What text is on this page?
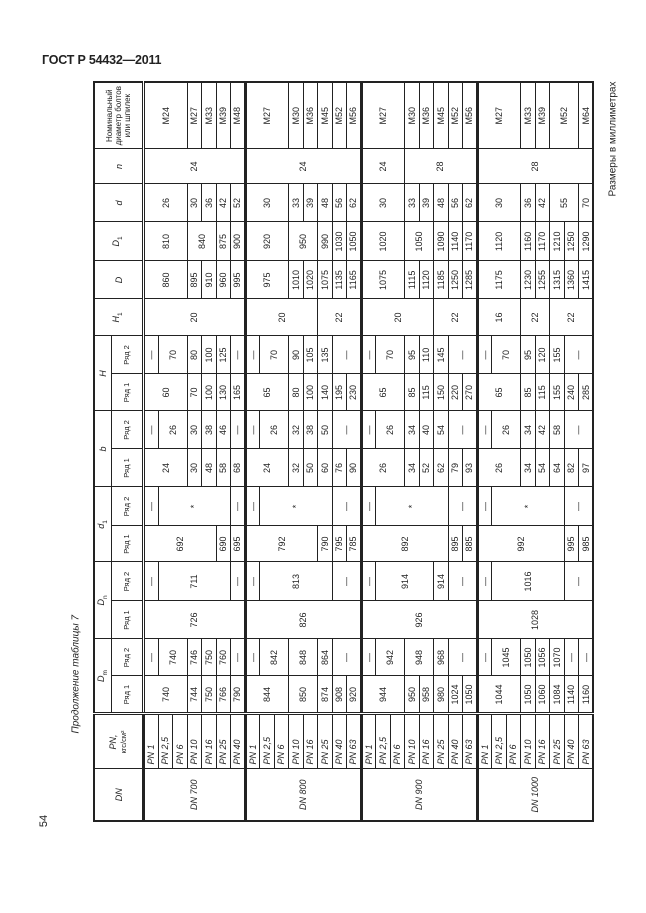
ГОСТ Р 54432—2011
54
Продолжение таблицы 7
Размеры в миллиметрах
DN	PN,
кгс/см²	$D_m$		$D_n$		$d_1$		b		H		$H_1$	D	$D_1$	d	n	Номинальный диаметр болтов или шпилек
		Ряд 1	Ряд 2	Ряд 1	Ряд 2	Ряд 1	Ряд 2	Ряд 1	Ряд 2	Ряд 1	Ряд 2						
DN 700	PN 1	740	—	726	—	692	—	24	—	60	—	20	860	810	26	24	M24
	PN 2,5		740		711		*		26		70						
	PN 6																
	PN 10	744	746					30	30	70	80		895	840	30		M27
	PN 16	750	750					48	38	100	100		910		36		M33
	PN 25	766	760			690		58	46	130	125		960	875	42		M39
	PN 40	790	—		—	695	—	68	—	165	—		995	900	52		M48
DN 800	PN 1	844	—	826	—	792	—	24	—	65	—	20	975	920	30	24	M27
	PN 2,5		842		813		*		26		70						
	PN 6																
	PN 10	850	848					32	32	80	90		1010	950	33		M30
	PN 16							50	38	100	105		1020		39		M36
	PN 25	874	864			790		60	50	140	135	22	1075	990	48		M45
	PN 40	908	—		—	795	—	76	—	195	—		1135	1030	56		M52
	PN 63	920				785		90		230			1165	1050	62		M56
DN 900	PN 1	944	—	926	—	892	—	26	—	65	—	20	1075	1020	30	24	M27
	PN 2,5		942		914		*		26		70						
	PN 6																
	PN 10	950	948					34	34	85	95		1115	1050	33	28	M30
	PN 16	958						52	40	115	110		1120		39		M36
	PN 25	980	968		914			62	54	150	145	22	1185	1090	48		M45
	PN 40	1024	—		—	895	—	79	—	220	—		1250	1140	56		M52
	PN 63	1050				885		93		270			1285	1170	62		M56
DN 1000	PN 1	1044	—	1028	—	992	—	26	—	65	—	16	1175	1120	30	28	M27
	PN 2,5		1045		1016		*		26		70						
	PN 6																
	PN 10	1050	1050					34	34	85	95	22	1230	1160	36		M33
	PN 16	1060	1056					54	42	115	120		1255	1170	42		M39
	PN 25	1084	1070					64	58	155	155	22	1315	1210	55		M52
	PN 40	1140	—		—	995	—	82	—	240	—		1360	1250			
	PN 63	1160	—			985		97		285			1415	1290	70		M64
